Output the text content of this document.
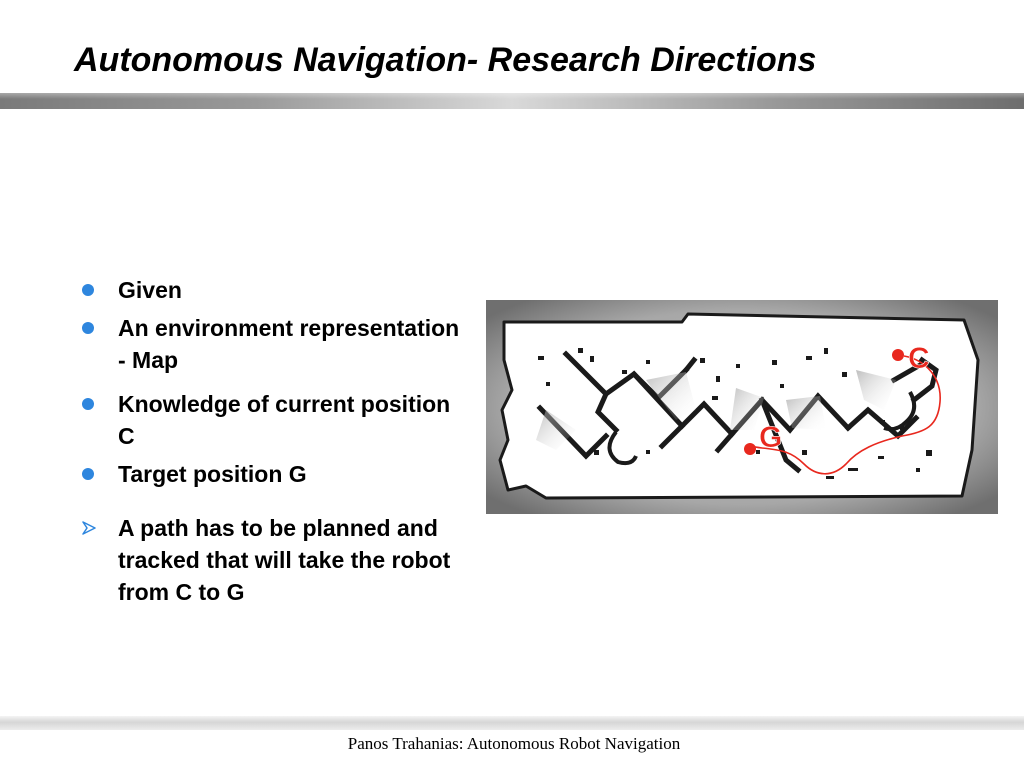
Autonomous Navigation- Research Directions
Given
An environment representation - Map
Knowledge of current position C
Target position G
A path has to be planned and tracked that will take the robot from C to G
C
G
Panos Trahanias: Autonomous Robot Navigation
